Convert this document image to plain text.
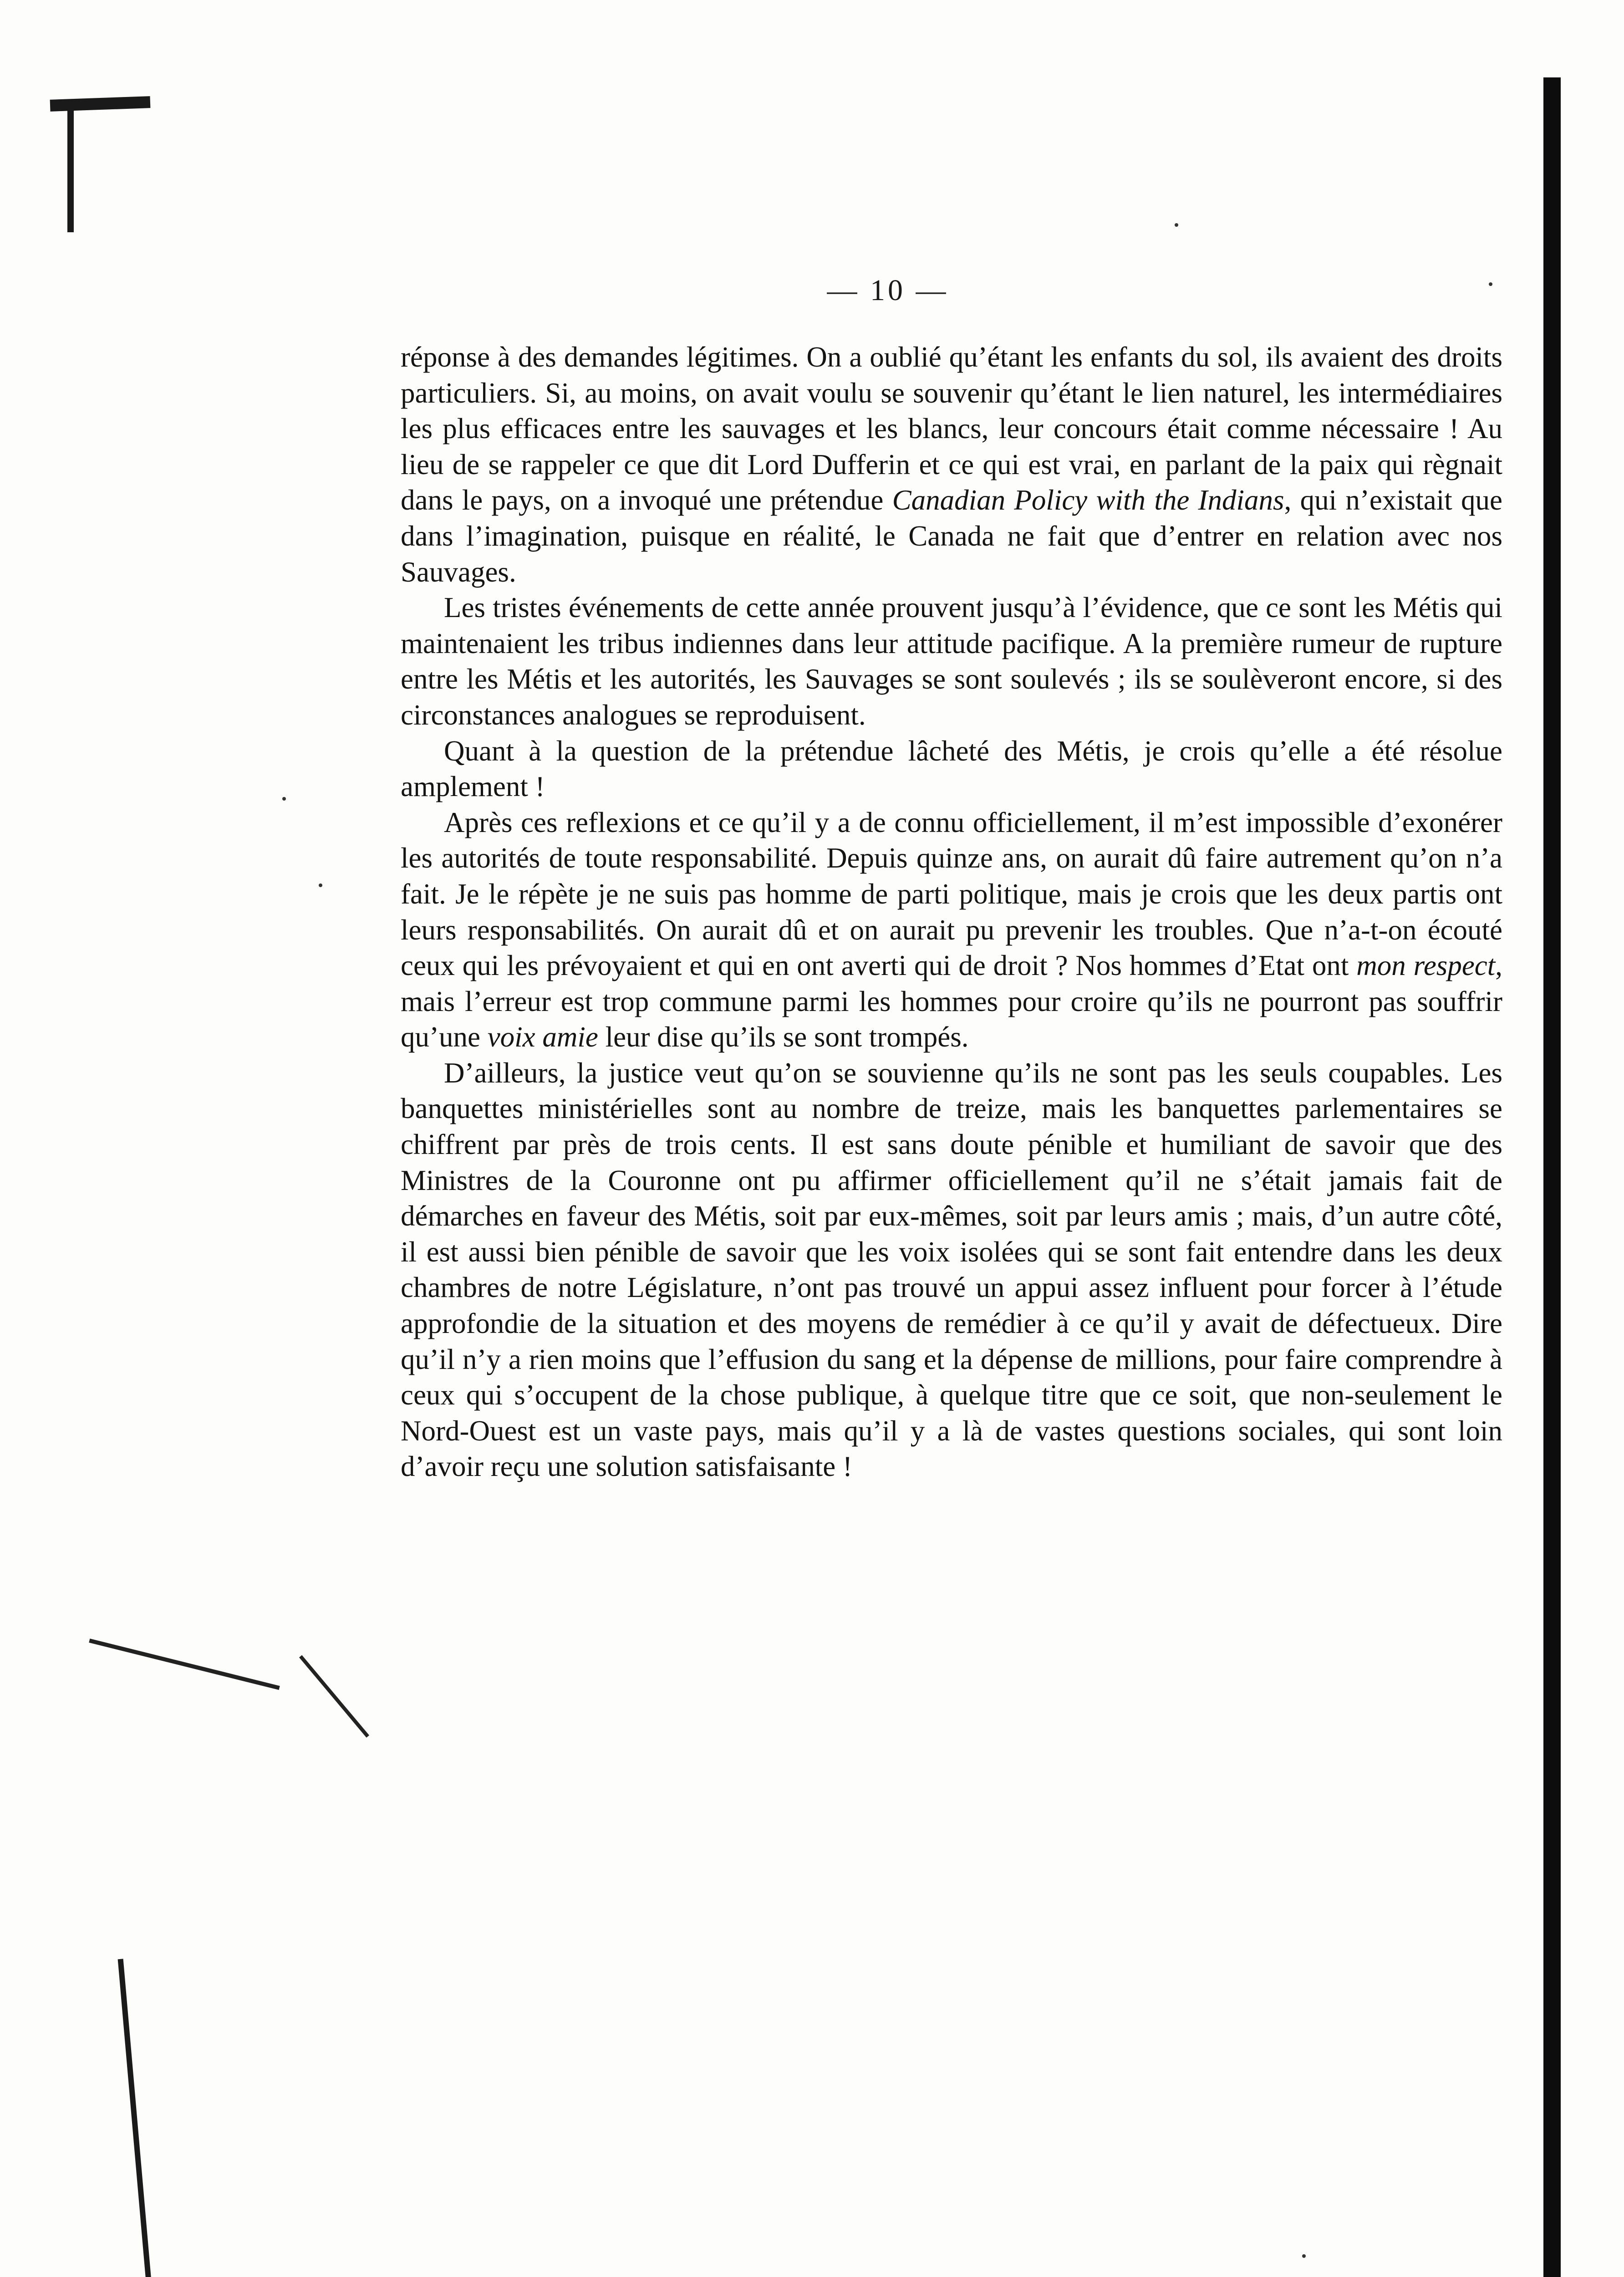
— 10 —

réponse à des demandes légitimes. On a oublié qu’étant les enfants du sol, ils avaient des droits particuliers. Si, au moins, on avait voulu se souvenir qu’étant le lien naturel, les intermédiaires les plus efficaces entre les sauvages et les blancs, leur concours était comme nécessaire ! Au lieu de se rappeler ce que dit Lord Dufferin et ce qui est vrai, en parlant de la paix qui règnait dans le pays, on a invoqué une prétendue Canadian Policy with the Indians, qui n’existait que dans l’imagination, puisque en réalité, le Canada ne fait que d’entrer en relation avec nos Sauvages.

Les tristes événements de cette année prouvent jusqu’à l’évidence, que ce sont les Métis qui maintenaient les tribus indiennes dans leur attitude pacifique. A la première rumeur de rupture entre les Métis et les autorités, les Sauvages se sont soulevés ; ils se soulèveront encore, si des circonstances analogues se reproduisent.

Quant à la question de la prétendue lâcheté des Métis, je crois qu’elle a été résolue amplement !

Après ces reflexions et ce qu’il y a de connu officiellement, il m’est impossible d’exonérer les autorités de toute responsabilité. Depuis quinze ans, on aurait dû faire autrement qu’on n’a fait. Je le répète je ne suis pas homme de parti politique, mais je crois que les deux partis ont leurs responsabilités. On aurait dû et on aurait pu prevenir les troubles. Que n’a-t-on écouté ceux qui les prévoyaient et qui en ont averti qui de droit ? Nos hommes d’Etat ont mon respect, mais l’erreur est trop commune parmi les hommes pour croire qu’ils ne pourront pas souffrir qu’une voix amie leur dise qu’ils se sont trompés.

D’ailleurs, la justice veut qu’on se souvienne qu’ils ne sont pas les seuls coupables. Les banquettes ministérielles sont au nombre de treize, mais les banquettes parlementaires se chiffrent par près de trois cents. Il est sans doute pénible et humiliant de savoir que des Ministres de la Couronne ont pu affirmer officiellement qu’il ne s’était jamais fait de démarches en faveur des Métis, soit par eux-mêmes, soit par leurs amis ; mais, d’un autre côté, il est aussi bien pénible de savoir que les voix isolées qui se sont fait entendre dans les deux chambres de notre Législature, n’ont pas trouvé un appui assez influent pour forcer à l’étude approfondie de la situation et des moyens de remédier à ce qu’il y avait de défectueux. Dire qu’il n’y a rien moins que l’effusion du sang et la dépense de millions, pour faire comprendre à ceux qui s’occupent de la chose publique, à quelque titre que ce soit, que non-seulement le Nord-Ouest est un vaste pays, mais qu’il y a là de vastes questions sociales, qui sont loin d’avoir reçu une solution satisfaisante !
